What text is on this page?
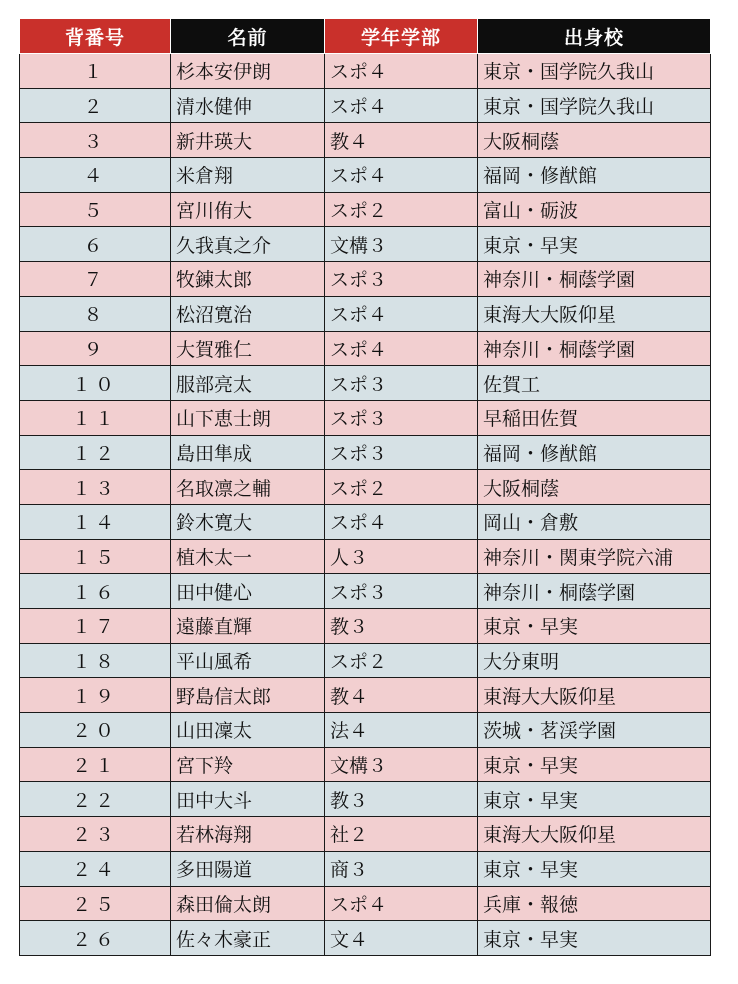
背番号	名前	学年学部	出身校
１	杉本安伊朗	スポ４	東京・国学院久我山
２	清水健伸	スポ４	東京・国学院久我山
３	新井瑛大	教４	大阪桐蔭
４	米倉翔	スポ４	福岡・修猷館
５	宮川侑大	スポ２	富山・砺波
６	久我真之介	文構３	東京・早実
７	牧錬太郎	スポ３	神奈川・桐蔭学園
８	松沼寛治	スポ４	東海大大阪仰星
９	大賀雅仁	スポ４	神奈川・桐蔭学園
１０	服部亮太	スポ３	佐賀工
１１	山下恵士朗	スポ３	早稲田佐賀
１２	島田隼成	スポ３	福岡・修猷館
１３	名取凛之輔	スポ２	大阪桐蔭
１４	鈴木寛大	スポ４	岡山・倉敷
１５	植木太一	人３	神奈川・関東学院六浦
１６	田中健心	スポ３	神奈川・桐蔭学園
１７	遠藤直輝	教３	東京・早実
１８	平山風希	スポ２	大分東明
１９	野島信太郎	教４	東海大大阪仰星
２０	山田凜太	法４	茨城・茗渓学園
２１	宮下羚	文構３	東京・早実
２２	田中大斗	教３	東京・早実
２３	若林海翔	社２	東海大大阪仰星
２４	多田陽道	商３	東京・早実
２５	森田倫太朗	スポ４	兵庫・報徳
２６	佐々木豪正	文４	東京・早実
